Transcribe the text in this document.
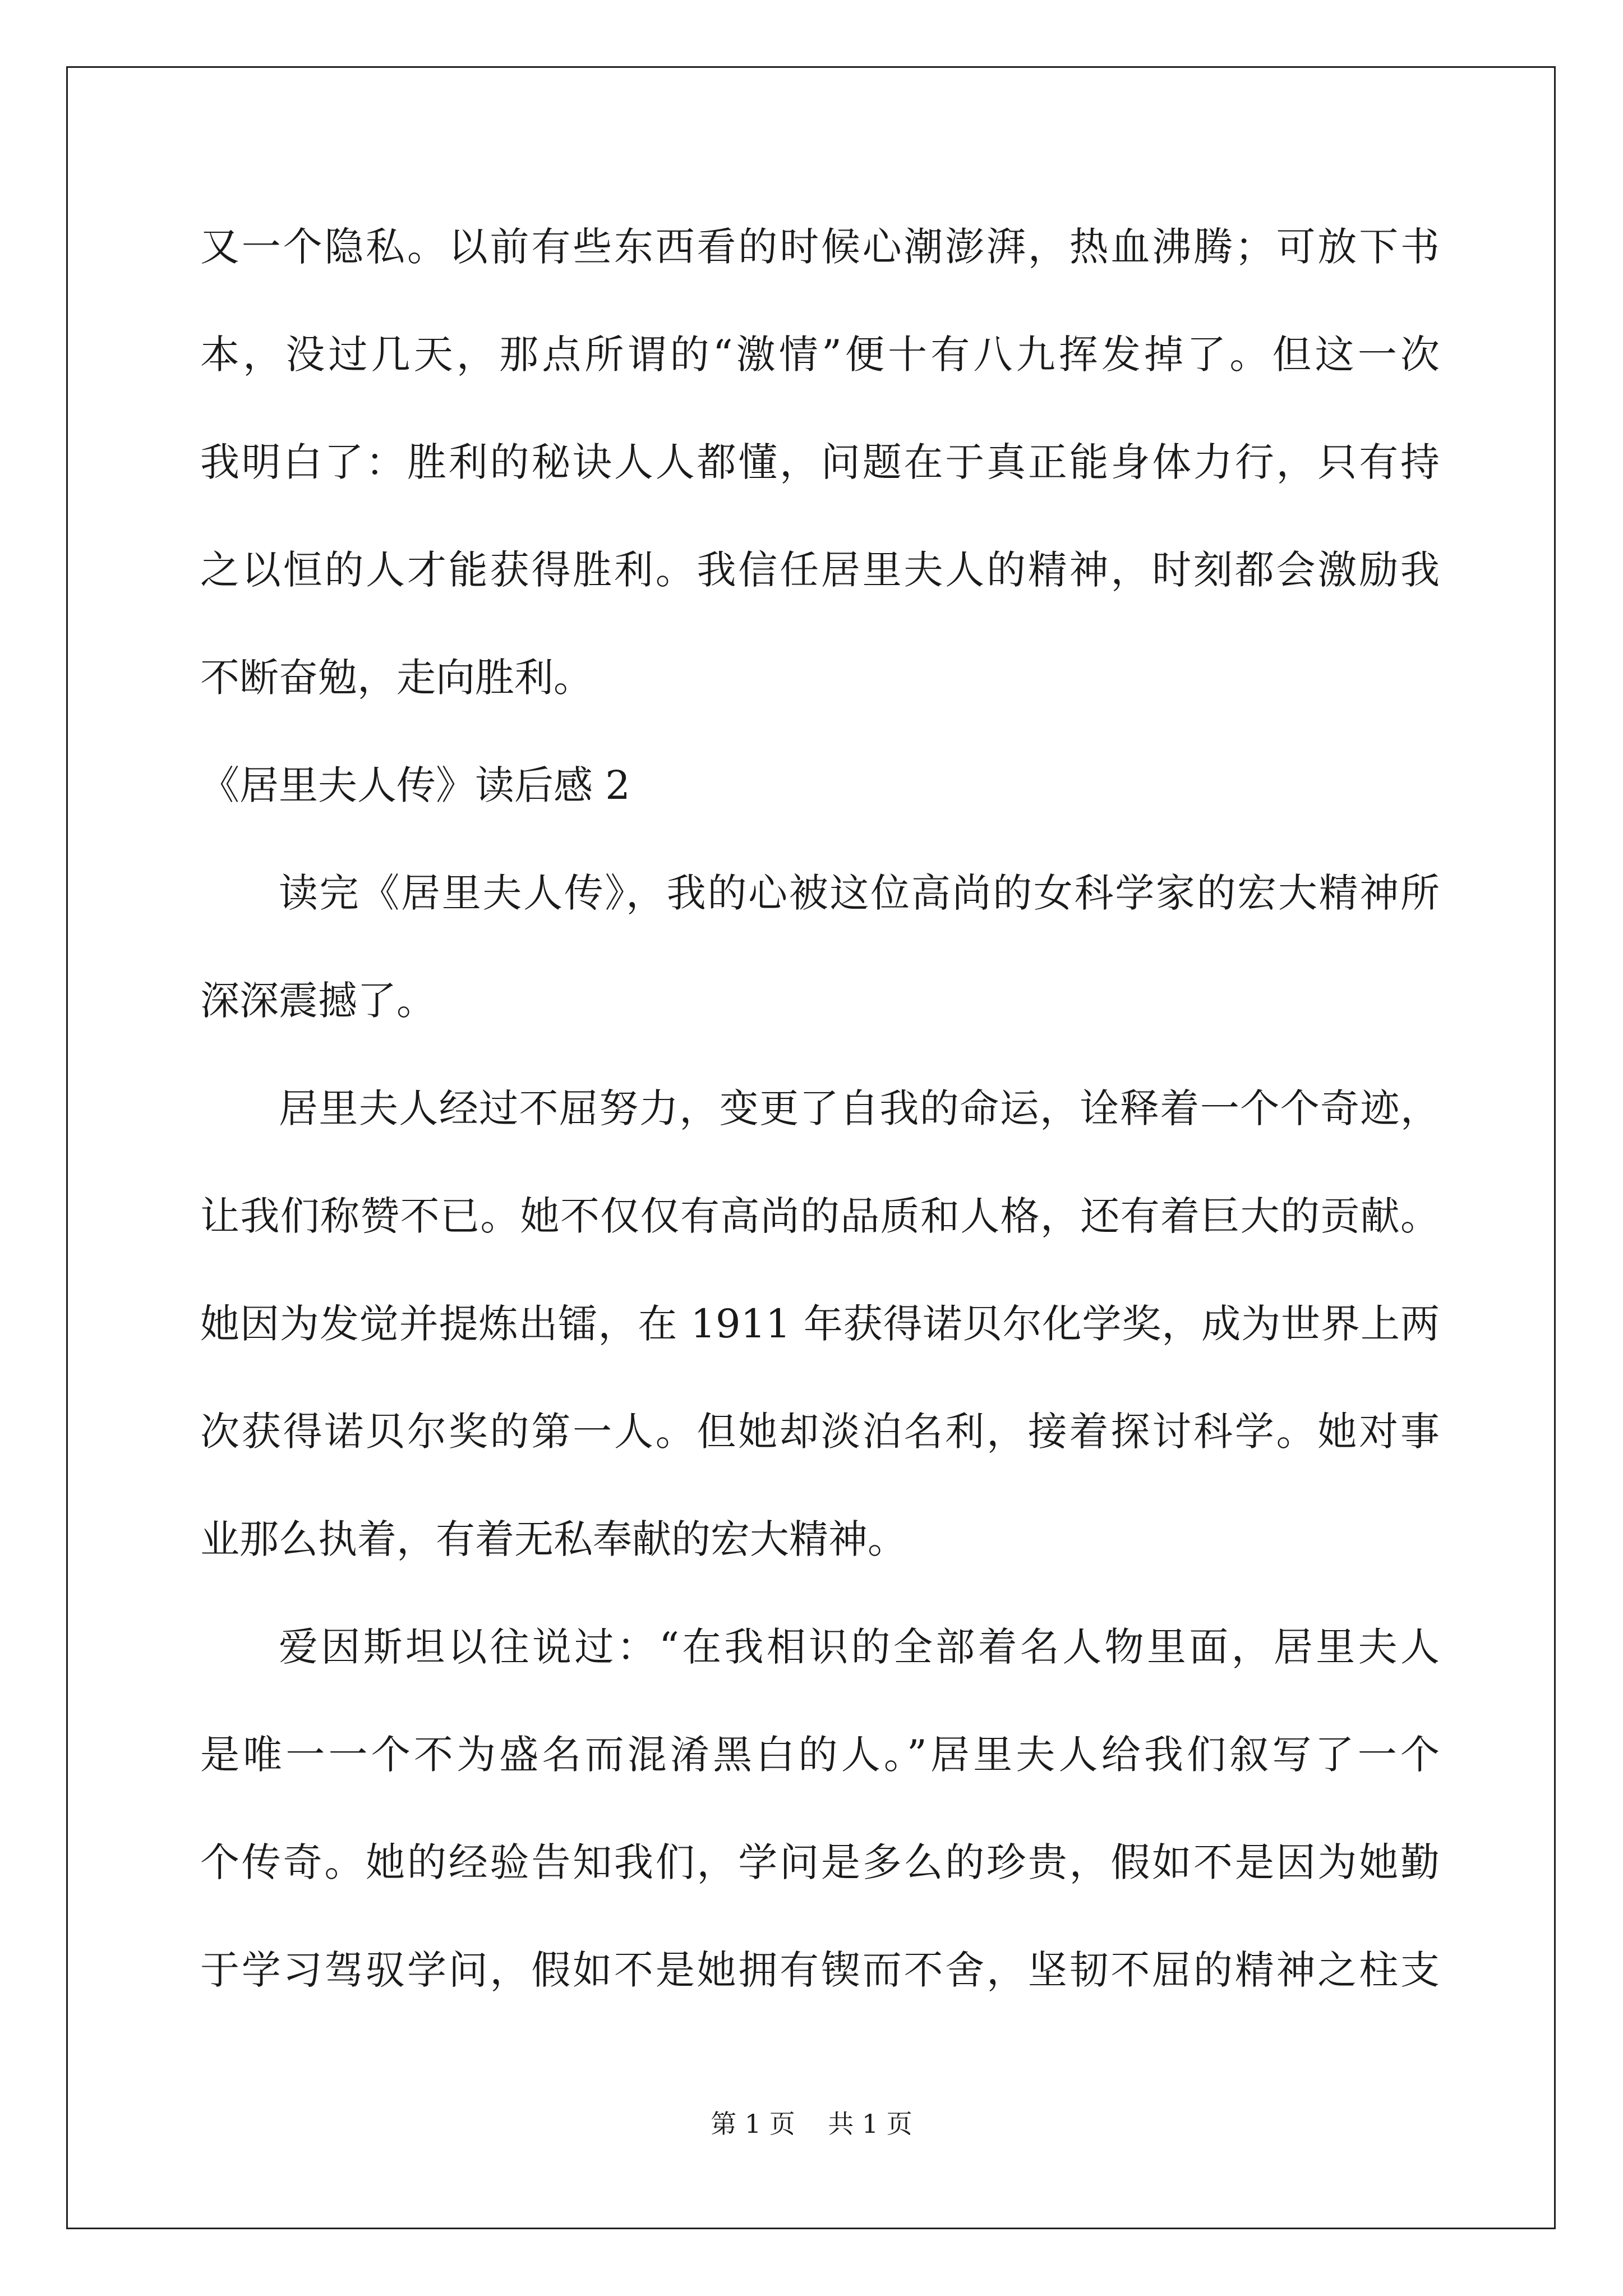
又一个隐私。以前有些东西看的时候心潮澎湃，热血沸腾；可放下书
本，没过几天，那点所谓的“激情”便十有八九挥发掉了。但这一次
我明白了：胜利的秘诀人人都懂，问题在于真正能身体力行，只有持
之以恒的人才能获得胜利。我信任居里夫人的精神，时刻都会激励我
不断奋勉，走向胜利。
《居里夫人传》读后感 2
读完《居里夫人传》，我的心被这位高尚的女科学家的宏大精神所
深深震撼了。
居里夫人经过不屈努力，变更了自我的命运，诠释着一个个奇迹，
让我们称赞不已。她不仅仅有高尚的品质和人格，还有着巨大的贡献。
她因为发觉并提炼出镭，在 1911 年获得诺贝尔化学奖，成为世界上两
次获得诺贝尔奖的第一人。但她却淡泊名利，接着探讨科学。她对事
业那么执着，有着无私奉献的宏大精神。
爱因斯坦以往说过：“在我相识的全部着名人物里面，居里夫人
是唯一一个不为盛名而混淆黑白的人。”居里夫人给我们叙写了一个
个传奇。她的经验告知我们，学问是多么的珍贵，假如不是因为她勤
于学习驾驭学问，假如不是她拥有锲而不舍，坚韧不屈的精神之柱支
第 1 页    共 1 页
